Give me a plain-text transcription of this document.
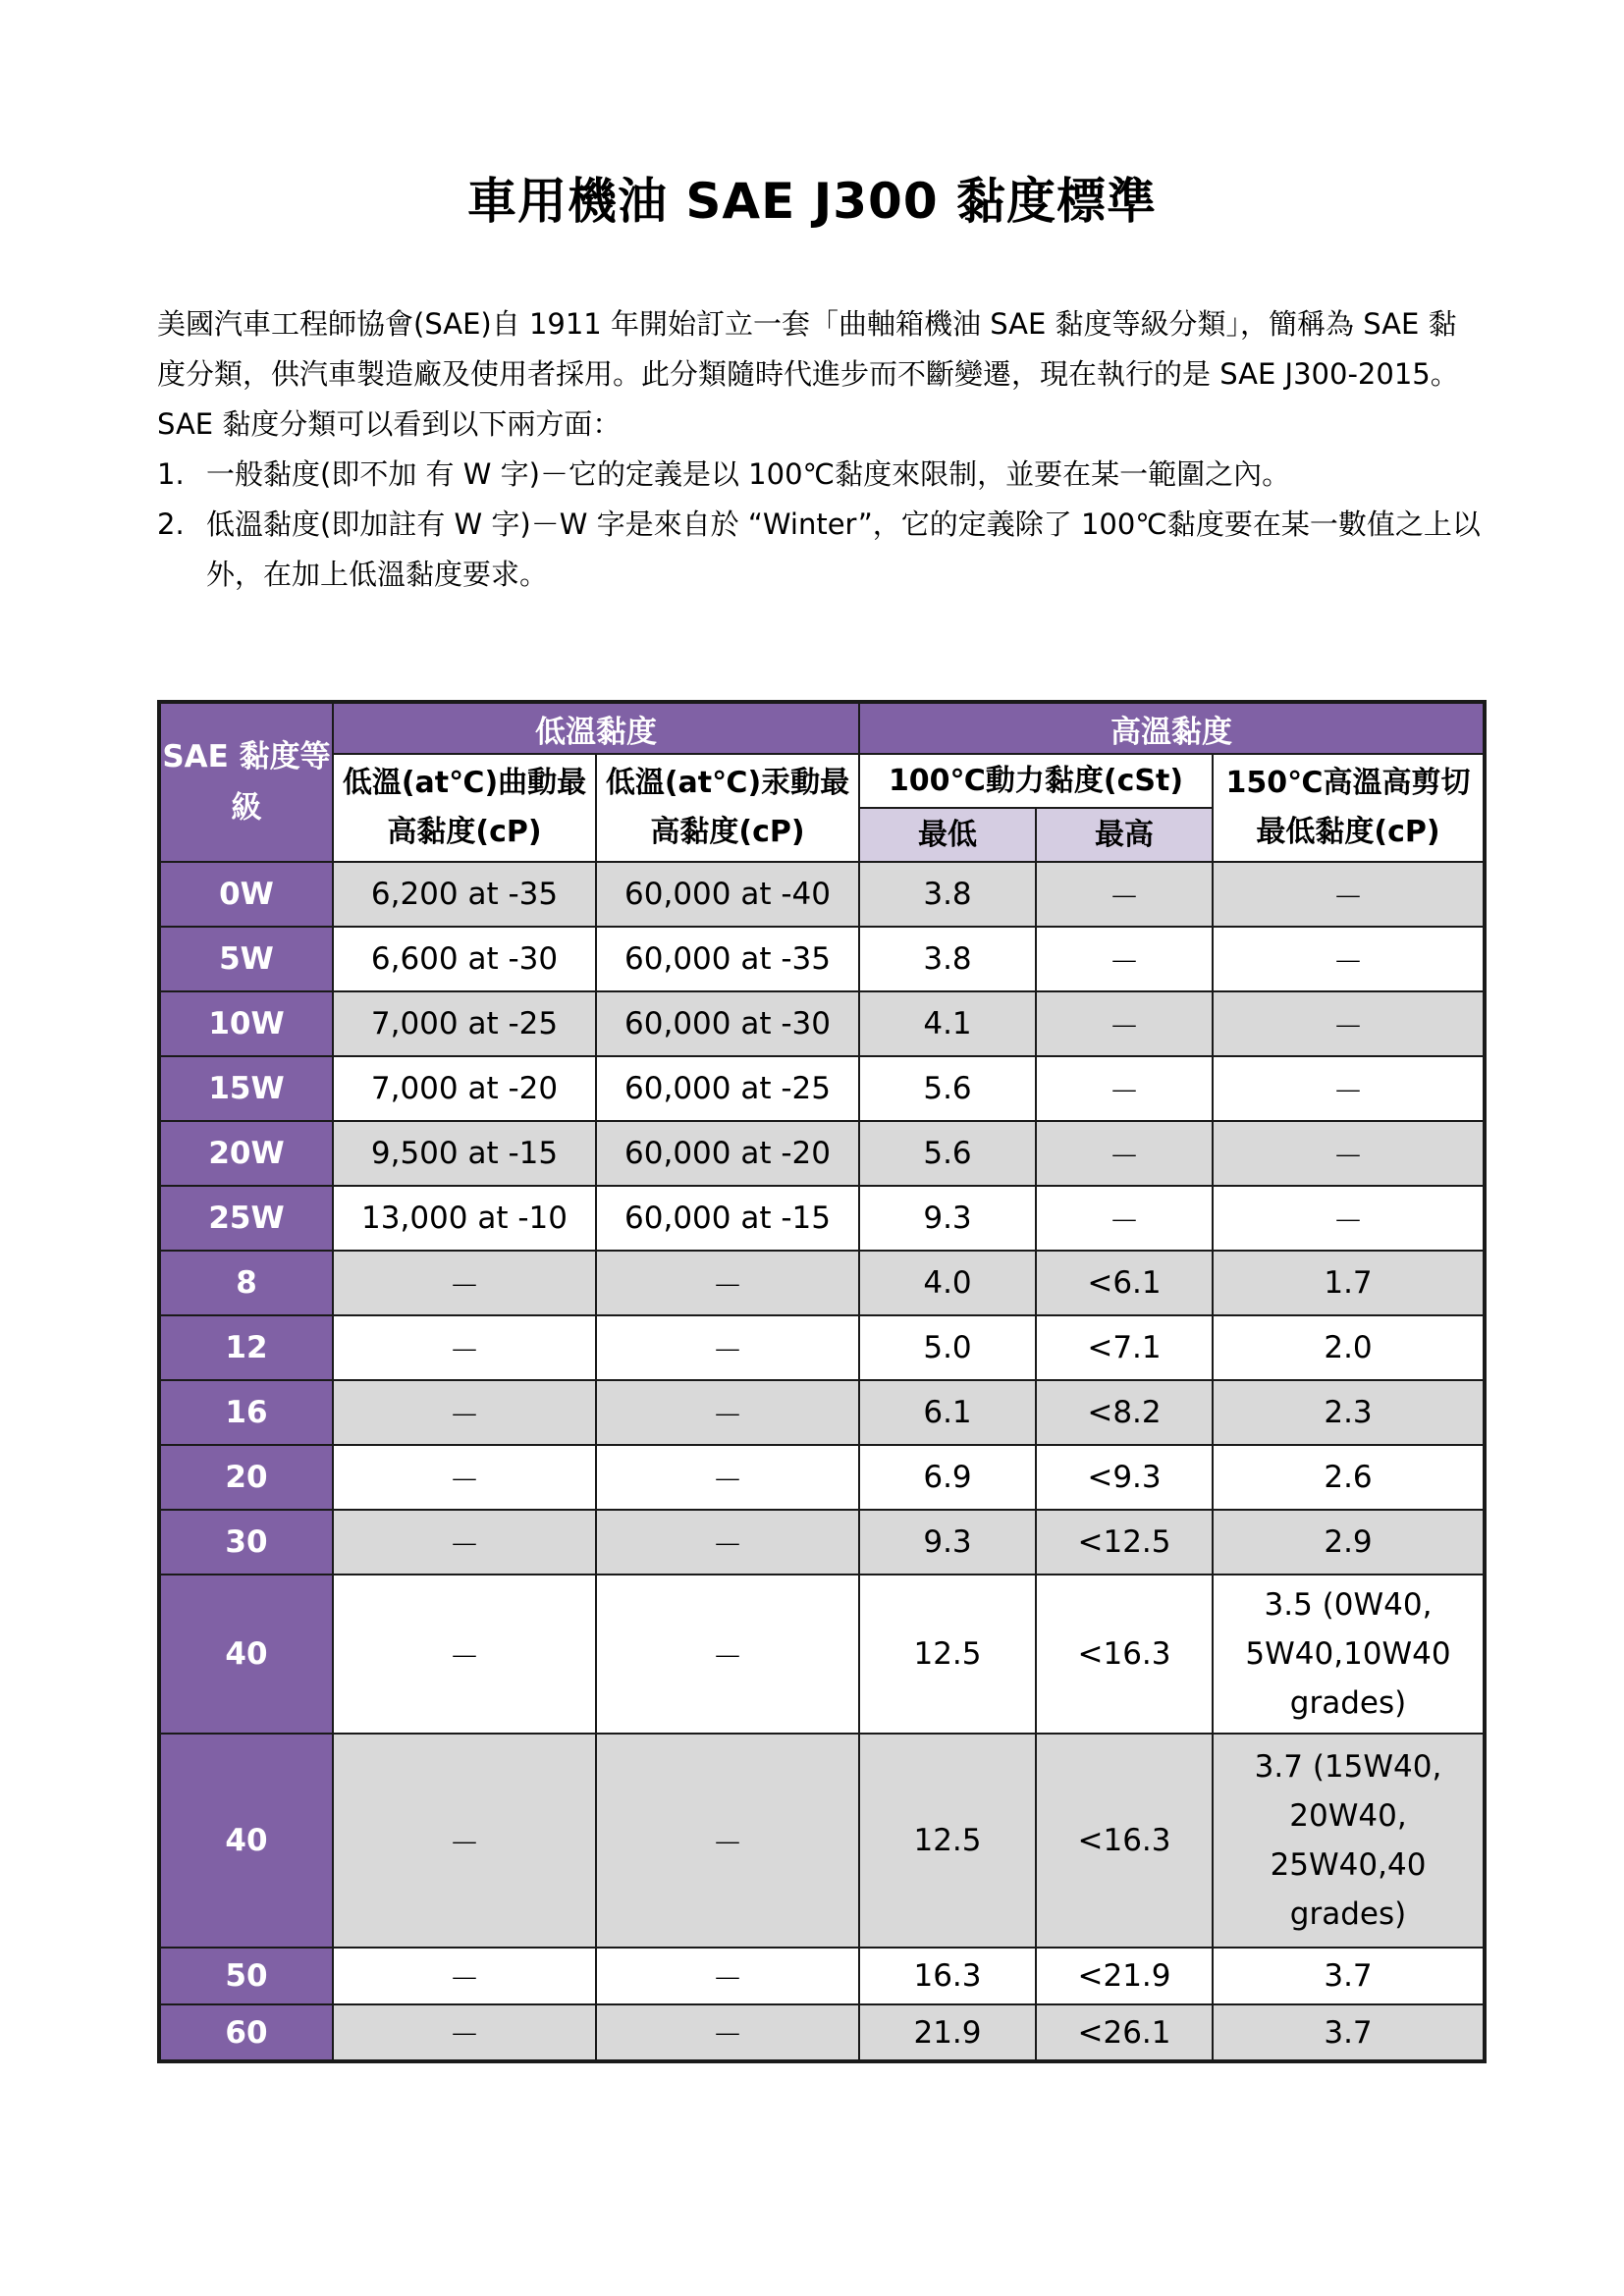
車用機油 SAE J300 黏度標準

美國汽車工程師協會(SAE)自 1911 年開始訂立一套「曲軸箱機油 SAE 黏度等級分類」，簡稱為 SAE 黏度分類，供汽車製造廠及使用者採用。此分類隨時代進步而不斷變遷，現在執行的是 SAE J300-2015。

SAE 黏度分類可以看到以下兩方面：

1. 一般黏度(即不加 有 W 字)－它的定義是以 100℃黏度來限制，並要在某一範圍之內。
2. 低溫黏度(即加註有 W 字)－W 字是來自於 “Winter”，它的定義除了 100℃黏度要在某一數值之上以外，在加上低溫黏度要求。
SAE 黏度等級	低溫黏度		高溫黏度		
	低溫(at℃)曲動最高黏度(cP)	低溫(at℃)汞動最高黏度(cP)	100℃動力黏度(cSt)		150℃高溫高剪切最低黏度(cP)
			最低	最高	
0W	6,200 at -35	60,000 at -40	3.8	－	－
5W	6,600 at -30	60,000 at -35	3.8	－	－
10W	7,000 at -25	60,000 at -30	4.1	－	－
15W	7,000 at -20	60,000 at -25	5.6	－	－
20W	9,500 at -15	60,000 at -20	5.6	－	－
25W	13,000 at -10	60,000 at -15	9.3	－	－
8	－	－	4.0	<6.1	1.7
12	－	－	5.0	<7.1	2.0
16	－	－	6.1	<8.2	2.3
20	－	－	6.9	<9.3	2.6
30	－	－	9.3	<12.5	2.9
40	－	－	12.5	<16.3	3.5 (0W40, 5W40,10W40 grades)
40	－	－	12.5	<16.3	3.7 (15W40, 20W40, 25W40,40 grades)
50	－	－	16.3	<21.9	3.7
60	－	－	21.9	<26.1	3.7
